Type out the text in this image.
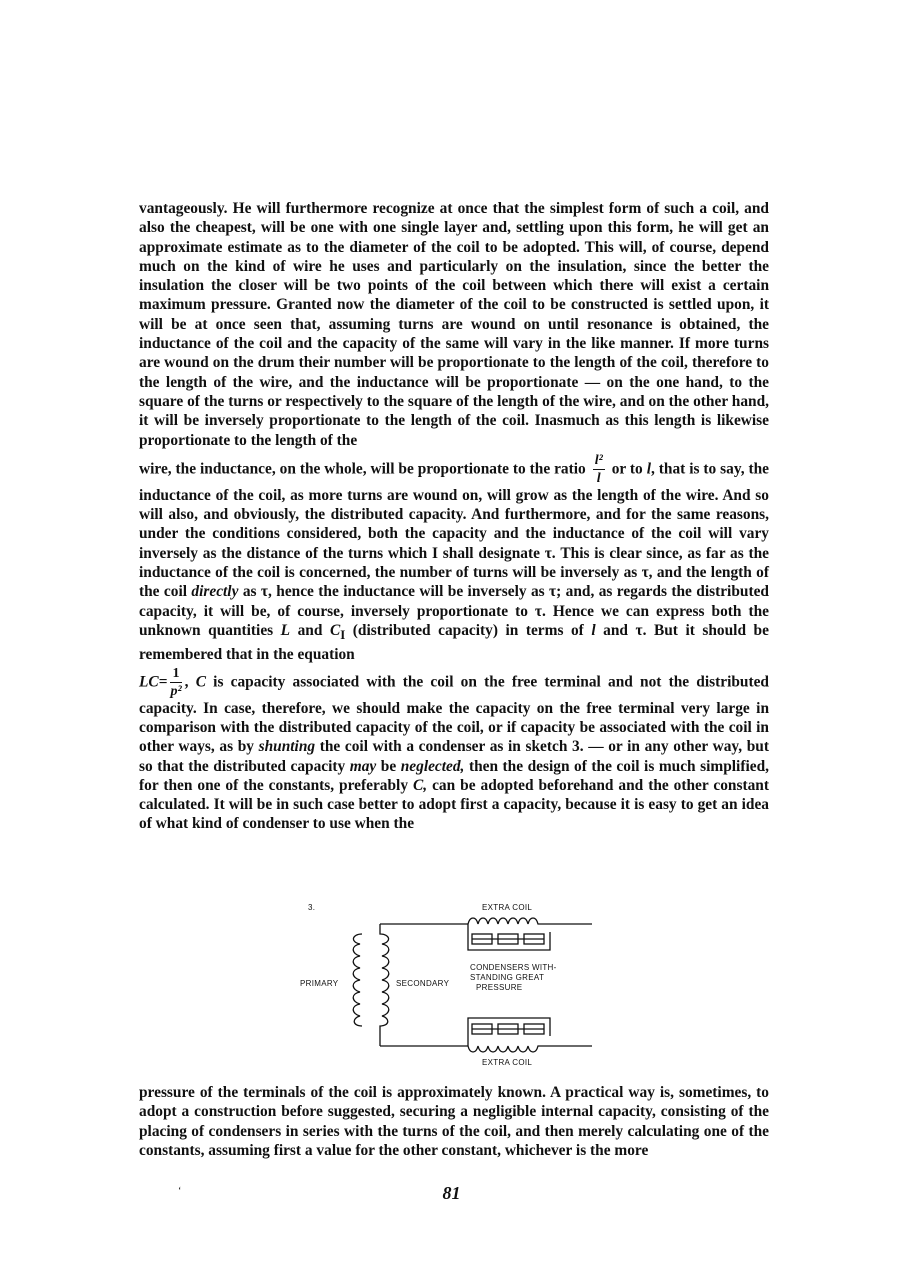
vantageously. He will furthermore recognize at once that the simplest form of such a coil, and also the cheapest, will be one with one single layer and, settling upon this form, he will get an approximate estimate as to the diameter of the coil to be adopted. This will, of course, depend much on the kind of wire he uses and particularly on the insulation, since the better the insulation the closer will be two points of the coil between which there will exist a certain maximum pressure. Granted now the diameter of the coil to be constructed is settled upon, it will be at once seen that, assuming turns are wound on until resonance is obtained, the inductance of the coil and the capacity of the same will vary in the like manner. If more turns are wound on the drum their number will be proportionate to the length of the coil, therefore to the length of the wire, and the inductance will be proportionate — on the one hand, to the square of the turns or respectively to the square of the length of the wire, and on the other hand, it will be inversely proportionate to the length of the coil. Inasmuch as this length is likewise proportionate to the length of the

wire, the inductance, on the whole, will be proportionate to the ratio $\frac{\text{l²}}{l}$ or to l, that is to say, the inductance of the coil, as more turns are wound on, will grow as the length of the wire. And so will also, and obviously, the distributed capacity. And furthermore, and for the same reasons, under the conditions considered, both the capacity and the inductance of the coil will vary inversely as the distance of the turns which I shall designate τ. This is clear since, as far as the inductance of the coil is concerned, the number of turns will be inversely as τ, and the length of the coil directly as τ, hence the inductance will be inversely as τ; and, as regards the distributed capacity, it will be, of course, inversely proportionate to τ. Hence we can express both the unknown quantities L and $C_I$ (distributed capacity) in terms of l and τ. But it should be remembered that in the equation

$LC= \frac{1}{\text{p²}}$ , C is capacity associated with the coil on the free terminal and not the distributed capacity. In case, therefore, we should make the capacity on the free terminal very large in comparison with the distributed capacity of the coil, or if capacity be associated with the coil in other ways, as by shunting the coil with a condenser as in sketch 3. — or in any other way, but so that the distributed capacity may be neglected, then the design of the coil is much simplified, for then one of the constants, preferably C, can be adopted beforehand and the other constant calculated. It will be in such case better to adopt first a capacity, because it is easy to get an idea of what kind of condenser to use when the

3.	EXTRA COIL
PRIMARY	SECONDARY
CONDENSERS WITH-
STANDING GREAT
PRESSURE
EXTRA COIL

pressure of the terminals of the coil is approximately known. A practical way is, sometimes, to adopt a construction before suggested, securing a negligible internal capacity, consisting of the placing of condensers in series with the turns of the coil, and then merely calculating one of the constants, assuming first a value for the other constant, whichever is the more

ʻ	81
